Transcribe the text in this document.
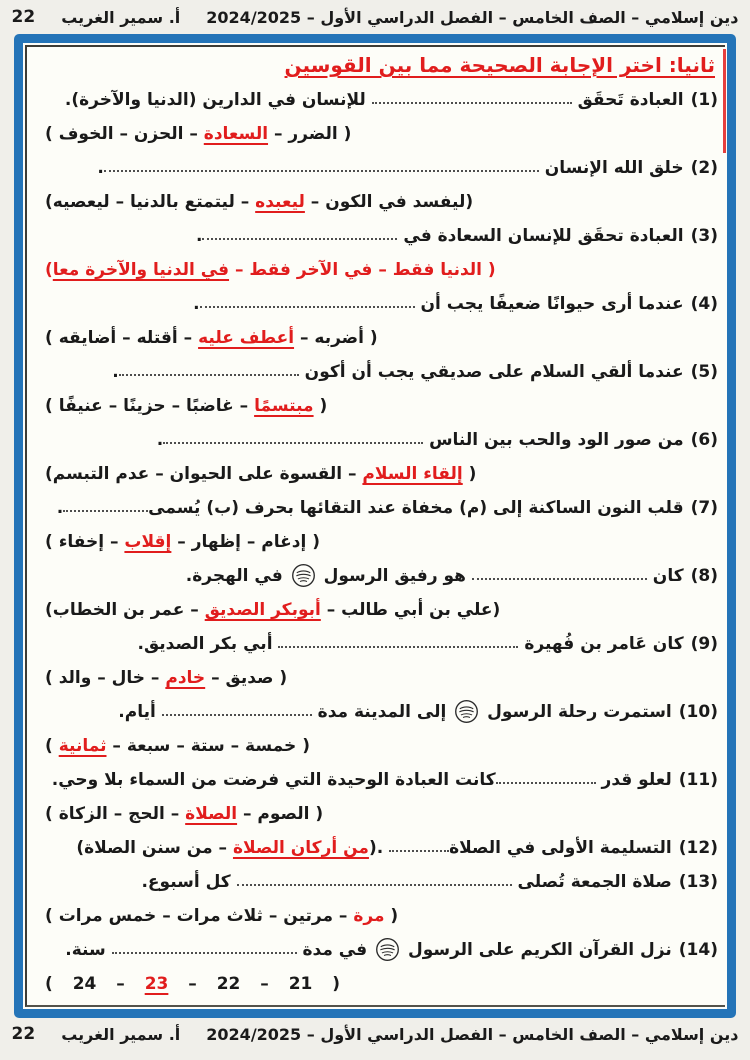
دين إسلامي – الصف الخامس – الفصل الدراسي الأول – 2024/2025
أ. سمير الغريب
22
ثانيا: اختر الإجابة الصحيحة مما بين القوسين
(1)العبادة تَحقَق  للإنسان في الدارين (الدنيا والآخرة).
( الضرر – السعادة – الحزن – الخوف )
(2)خلق الله الإنسان .
(ليفسد في الكون – ليعبده – ليتمتع بالدنيا – ليعصيه)
(3)العبادة تحقَق للإنسان السعادة في .
( الدنيا فقط – في الآخر فقط – في الدنيا والآخرة معا)
(4)عندما أرى حيوانًا ضعيفًا يجب أن .
( أضربه – أعطف عليه – أقتله – أضايقه )
(5)عندما ألقي السلام على صديقي يجب أن أكون .
( مبتسمًا – غاضبًا – حزينًا – عنيفًا )
(6)من صور الود والحب بين الناس .
( إلقاء السلام – القسوة على الحيوان – عدم التبسم)
(7)قلب النون الساكنة إلى (م) مخفاة عند التقائها بحرف (ب) يُسمى.
( إدغام – إظهار – إقلاب – إخفاء )
(8)كان  هو رفيق الرسول
في الهجرة.
(علي بن أبي طالب – أبوبكر الصديق – عمر بن الخطاب)
(9)كان عَامر بن فُهيرة  أبي بكر الصديق.
( صديق – خادم – خال – والد )
(10)استمرت رحلة الرسول
إلى المدينة مدة  أيام.
( خمسة – ستة – سبعة – ثمانية )
(11)لعلو قدر كانت العبادة الوحيدة التي فرضت من السماء بلا وحي.
( الصوم – الصلاة – الحج – الزكاة )
(12)التسليمة الأولى في الصلاة .(من أركان الصلاة – من سنن الصلاة)
(13)صلاة الجمعة تُصلى  كل أسبوع.
( مرة – مرتين – ثلاث مرات – خمس مرات )
(14)نزل القرآن الكريم على الرسول
في مدة  سنة.
( 24 – 23 – 22 – 21 )
دين إسلامي – الصف الخامس – الفصل الدراسي الأول – 2024/2025
أ. سمير الغريب
22
